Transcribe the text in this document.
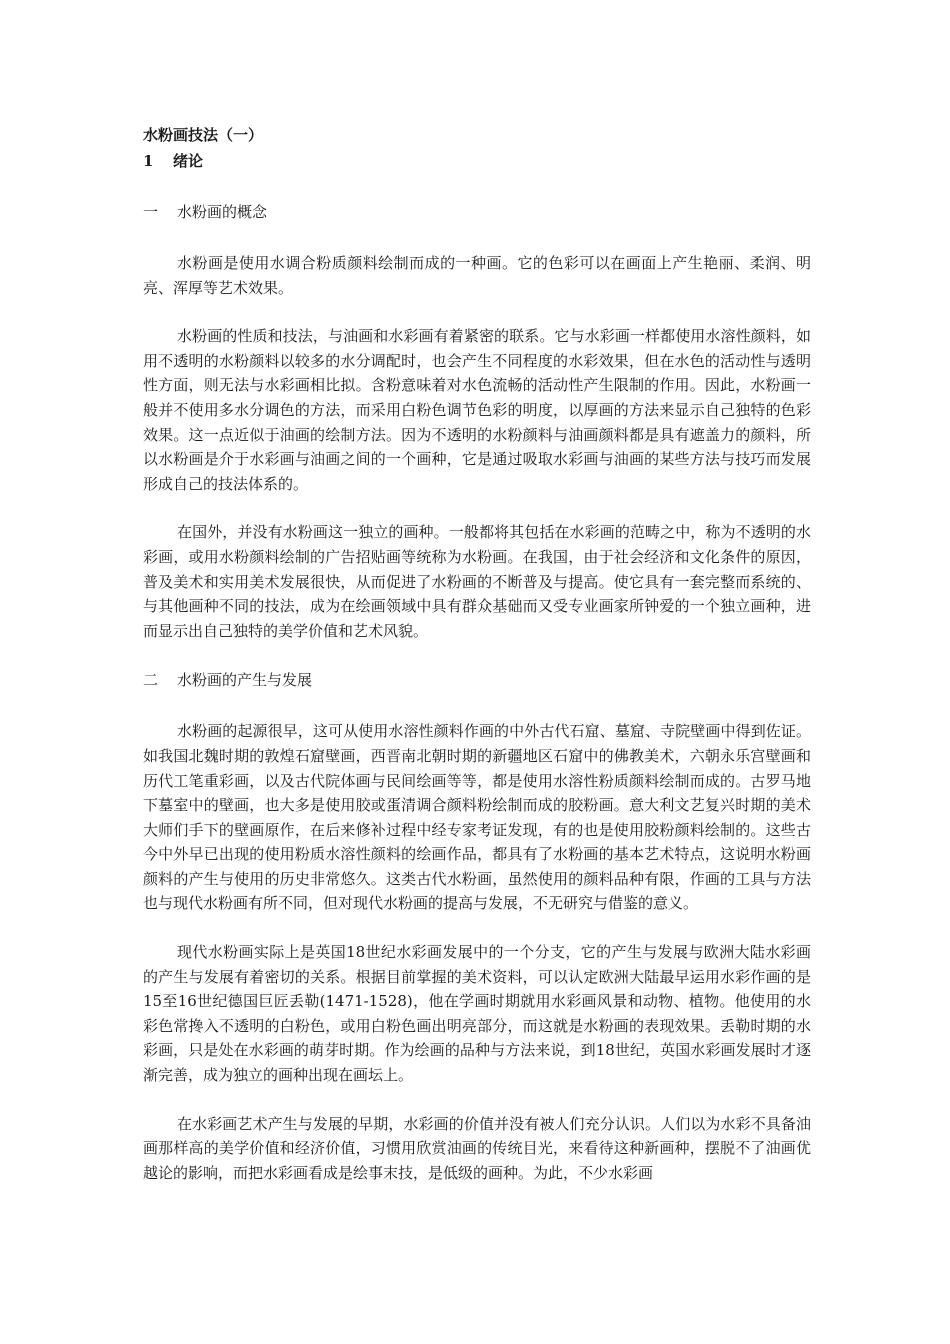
水粉画技法（一）

1 绪论

一 水粉画的概念

水粉画是使用水调合粉质颜料绘制而成的一种画。它的色彩可以在画面上产生艳丽、柔润、明亮、浑厚等艺术效果。

水粉画的性质和技法，与油画和水彩画有着紧密的联系。它与水彩画一样都使用水溶性颜料，如用不透明的水粉颜料以较多的水分调配时，也会产生不同程度的水彩效果，但在水色的活动性与透明性方面，则无法与水彩画相比拟。含粉意味着对水色流畅的活动性产生限制的作用。因此，水粉画一般并不使用多水分调色的方法，而采用白粉色调节色彩的明度，以厚画的方法来显示自己独特的色彩效果。这一点近似于油画的绘制方法。因为不透明的水粉颜料与油画颜料都是具有遮盖力的颜料，所以水粉画是介于水彩画与油画之间的一个画种，它是通过吸取水彩画与油画的某些方法与技巧而发展形成自己的技法体系的。

在国外，并没有水粉画这一独立的画种。一般都将其包括在水彩画的范畴之中，称为不透明的水彩画，或用水粉颜料绘制的广告招贴画等统称为水粉画。在我国，由于社会经济和文化条件的原因，普及美术和实用美术发展很快，从而促进了水粉画的不断普及与提高。使它具有一套完整而系统的、与其他画种不同的技法，成为在绘画领域中具有群众基础而又受专业画家所钟爱的一个独立画种，进而显示出自己独特的美学价值和艺术风貌。

二 水粉画的产生与发展

水粉画的起源很早，这可从使用水溶性颜料作画的中外古代石窟、墓窟、寺院壁画中得到佐证。如我国北魏时期的敦煌石窟壁画，西晋南北朝时期的新疆地区石窟中的佛教美术，六朝永乐宫壁画和历代工笔重彩画，以及古代院体画与民间绘画等等，都是使用水溶性粉质颜料绘制而成的。古罗马地下墓室中的壁画，也大多是使用胶或蛋清调合颜料粉绘制而成的胶粉画。意大利文艺复兴时期的美术大师们手下的壁画原作，在后来修补过程中经专家考证发现，有的也是使用胶粉颜料绘制的。这些古今中外早已出现的使用粉质水溶性颜料的绘画作品，都具有了水粉画的基本艺术特点，这说明水粉画颜料的产生与使用的历史非常悠久。这类古代水粉画，虽然使用的颜料品种有限，作画的工具与方法也与现代水粉画有所不同，但对现代水粉画的提高与发展，不无研究与借鉴的意义。

现代水粉画实际上是英国18世纪水彩画发展中的一个分支，它的产生与发展与欧洲大陆水彩画的产生与发展有着密切的关系。根据目前掌握的美术资料，可以认定欧洲大陆最早运用水彩作画的是15至16世纪德国巨匠丢勒(1471-1528)，他在学画时期就用水彩画风景和动物、植物。他使用的水彩色常搀入不透明的白粉色，或用白粉色画出明亮部分，而这就是水粉画的表现效果。丢勒时期的水彩画，只是处在水彩画的萌芽时期。作为绘画的品种与方法来说，到18世纪，英国水彩画发展时才逐渐完善，成为独立的画种出现在画坛上。

在水彩画艺术产生与发展的早期，水彩画的价值并没有被人们充分认识。人们以为水彩不具备油画那样高的美学价值和经济价值，习惯用欣赏油画的传统目光，来看待这种新画种，摆脱不了油画优越论的影响，而把水彩画看成是绘事末技，是低级的画种。为此，不少水彩画
